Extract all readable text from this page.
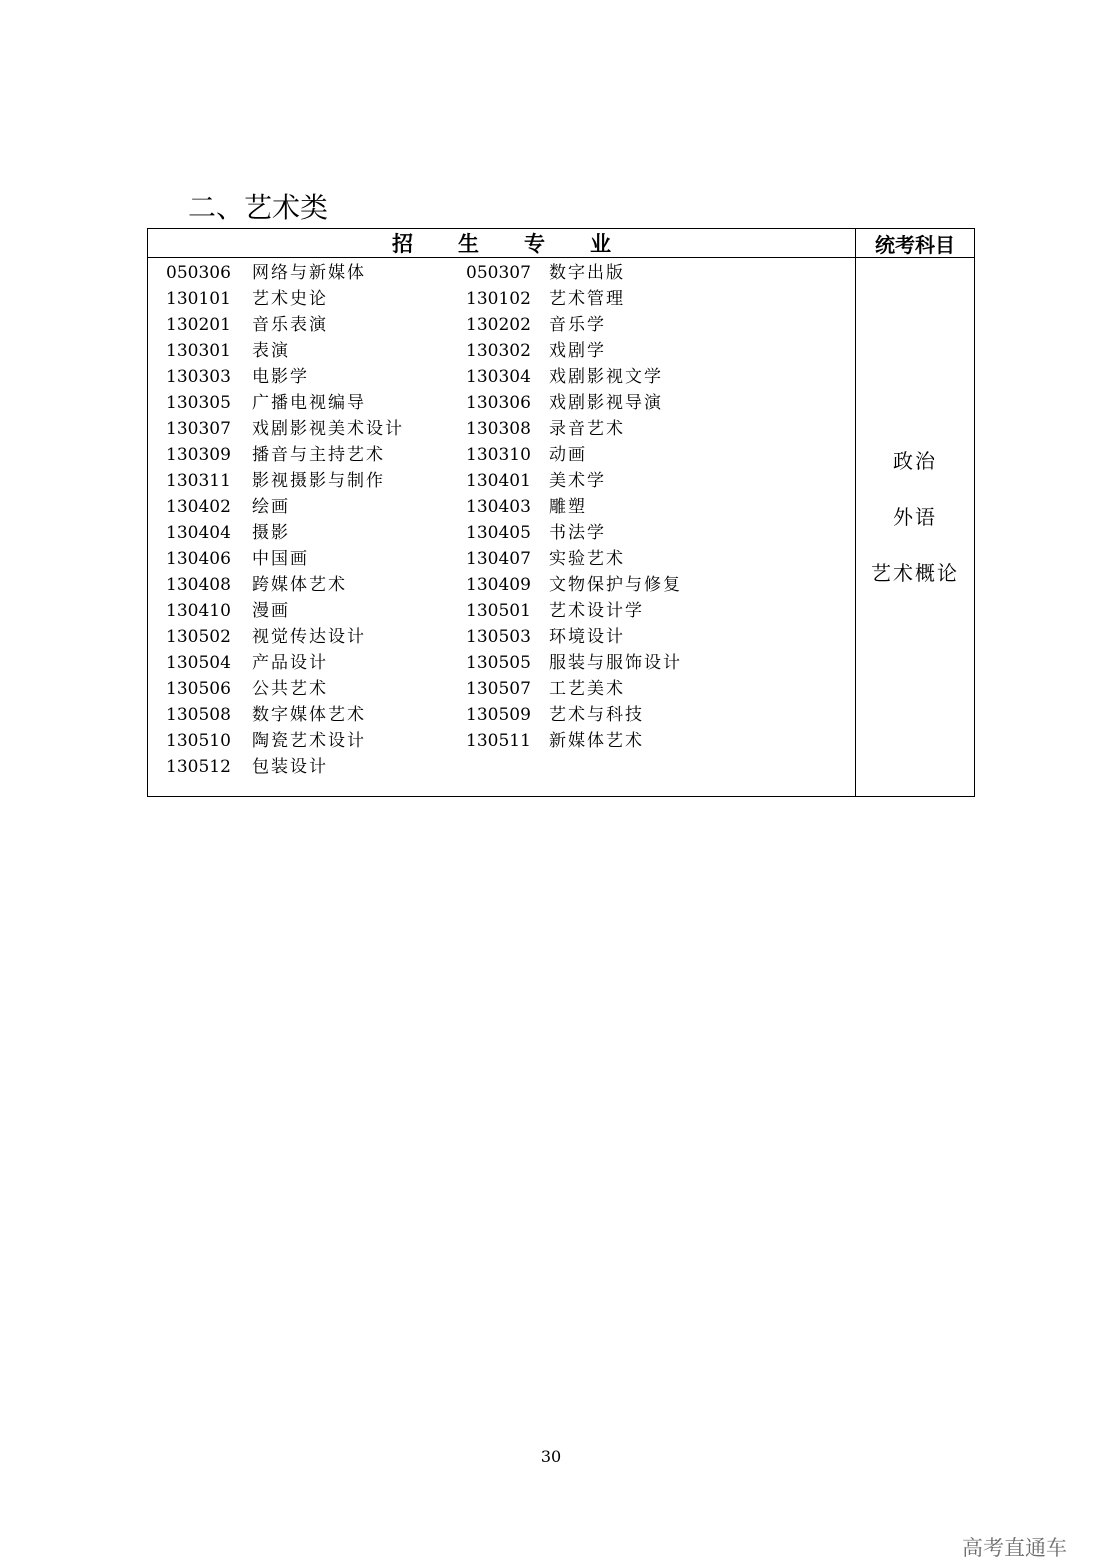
二、艺术类
招生专业	统考科目
050306 网络与新媒体	050307 数字出版
130101 艺术史论	130102 艺术管理
130201 音乐表演	130202 音乐学
130301 表演	130302 戏剧学
130303 电影学	130304 戏剧影视文学
130305 广播电视编导	130306 戏剧影视导演
130307 戏剧影视美术设计	130308 录音艺术
130309 播音与主持艺术	130310 动画
130311 影视摄影与制作	130401 美术学
130402 绘画	130403 雕塑
130404 摄影	130405 书法学
130406 中国画	130407 实验艺术
130408 跨媒体艺术	130409 文物保护与修复
130410 漫画	130501 艺术设计学
130502 视觉传达设计	130503 环境设计
130504 产品设计	130505 服装与服饰设计
130506 公共艺术	130507 工艺美术
130508 数字媒体艺术	130509 艺术与科技
130510 陶瓷艺术设计	130511 新媒体艺术
130512 包装设计
政治
外语
艺术概论
30
高考直通车
